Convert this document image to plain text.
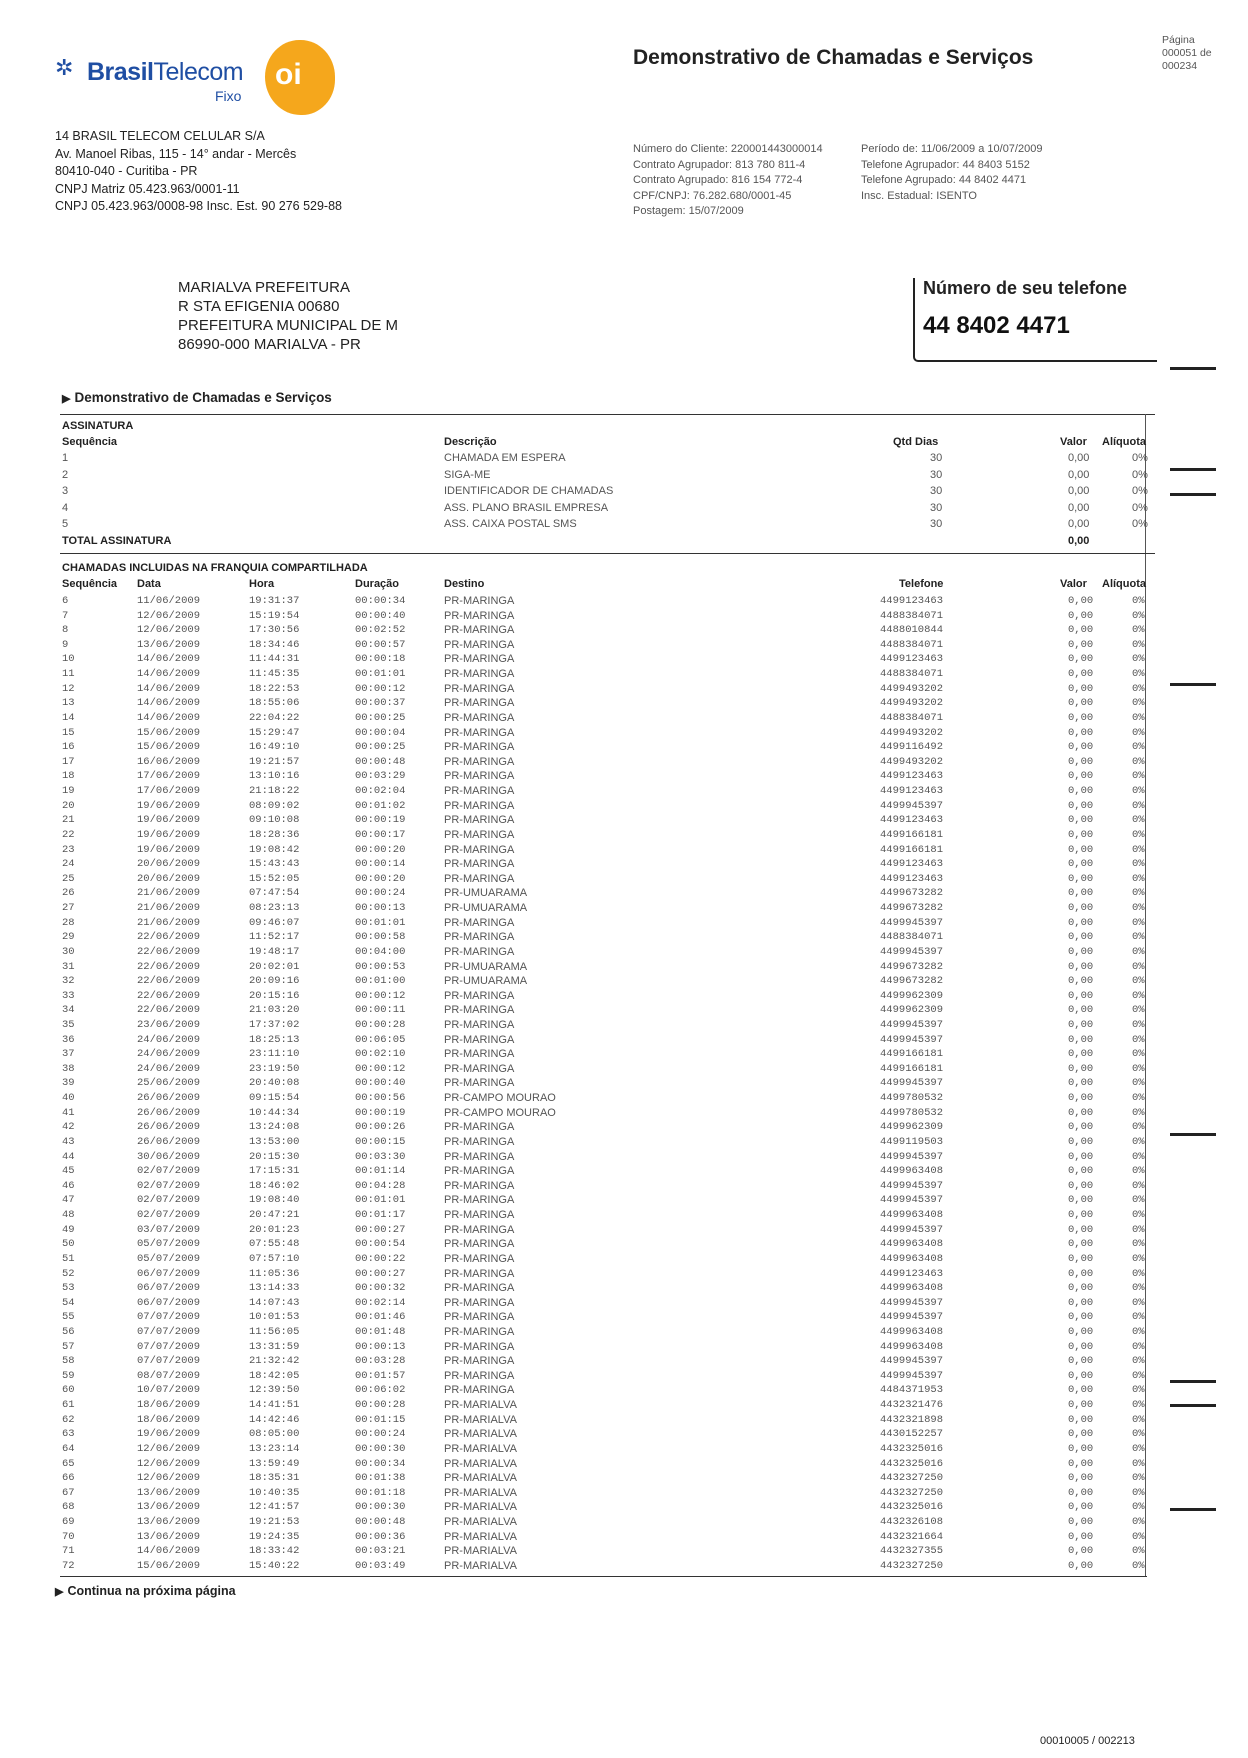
✲ BrasilTelecom
Fixo
oi
14 BRASIL TELECOM CELULAR S/A
Av. Manoel Ribas, 115 - 14° andar - Mercês
80410-040 - Curitiba - PR
CNPJ Matriz 05.423.963/0001-11
CNPJ 05.423.963/0008-98 Insc. Est. 90 276 529-88
Demonstrativo de Chamadas e Serviços
Página
000051 de
000234
Número do Cliente: 220001443000014
Contrato Agrupador: 813 780 811-4
Contrato Agrupado: 816 154 772-4
CPF/CNPJ: 76.282.680/0001-45
Postagem: 15/07/2009
Período de: 11/06/2009 a 10/07/2009
Telefone Agrupador: 44 8403 5152
Telefone Agrupado: 44 8402 4471
Insc. Estadual: ISENTO
MARIALVA PREFEITURA
R STA EFIGENIA 00680
PREFEITURA MUNICIPAL DE M
86990-000 MARIALVA - PR
Número de seu telefone
44 8402 4471
▶ Demonstrativo de Chamadas e Serviços
ASSINATURA
Sequência	Descrição	Qtd Dias	Valor Alíquota
1	CHAMADA EM ESPERA	30	0,00	0%
2	SIGA-ME	30	0,00	0%
3	IDENTIFICADOR DE CHAMADAS	30	0,00	0%
4	ASS. PLANO BRASIL EMPRESA	30	0,00	0%
5	ASS. CAIXA POSTAL SMS	30	0,00	0%
TOTAL ASSINATURA	0,00
CHAMADAS INCLUIDAS NA FRANQUIA COMPARTILHADA
Sequência Data	Hora	Duração	Destino	Telefone	Valor Alíquota
6	11/06/2009	19:31:37	00:00:34	PR-MARINGA	4499123463	0,00	0%
7	12/06/2009	15:19:54	00:00:40	PR-MARINGA	4488384071	0,00	0%
8	12/06/2009	17:30:56	00:02:52	PR-MARINGA	4488010844	0,00	0%
9	13/06/2009	18:34:46	00:00:57	PR-MARINGA	4488384071	0,00	0%
10	14/06/2009	11:44:31	00:00:18	PR-MARINGA	4499123463	0,00	0%
11	14/06/2009	11:45:35	00:01:01	PR-MARINGA	4488384071	0,00	0%
12	14/06/2009	18:22:53	00:00:12	PR-MARINGA	4499493202	0,00	0%
13	14/06/2009	18:55:06	00:00:37	PR-MARINGA	4499493202	0,00	0%
14	14/06/2009	22:04:22	00:00:25	PR-MARINGA	4488384071	0,00	0%
15	15/06/2009	15:29:47	00:00:04	PR-MARINGA	4499493202	0,00	0%
16	15/06/2009	16:49:10	00:00:25	PR-MARINGA	4499116492	0,00	0%
17	16/06/2009	19:21:57	00:00:48	PR-MARINGA	4499493202	0,00	0%
18	17/06/2009	13:10:16	00:03:29	PR-MARINGA	4499123463	0,00	0%
19	17/06/2009	21:18:22	00:02:04	PR-MARINGA	4499123463	0,00	0%
20	19/06/2009	08:09:02	00:01:02	PR-MARINGA	4499945397	0,00	0%
21	19/06/2009	09:10:08	00:00:19	PR-MARINGA	4499123463	0,00	0%
22	19/06/2009	18:28:36	00:00:17	PR-MARINGA	4499166181	0,00	0%
23	19/06/2009	19:08:42	00:00:20	PR-MARINGA	4499166181	0,00	0%
24	20/06/2009	15:43:43	00:00:14	PR-MARINGA	4499123463	0,00	0%
25	20/06/2009	15:52:05	00:00:20	PR-MARINGA	4499123463	0,00	0%
26	21/06/2009	07:47:54	00:00:24	PR-UMUARAMA	4499673282	0,00	0%
27	21/06/2009	08:23:13	00:00:13	PR-UMUARAMA	4499673282	0,00	0%
28	21/06/2009	09:46:07	00:01:01	PR-MARINGA	4499945397	0,00	0%
29	22/06/2009	11:52:17	00:00:58	PR-MARINGA	4488384071	0,00	0%
30	22/06/2009	19:48:17	00:04:00	PR-MARINGA	4499945397	0,00	0%
31	22/06/2009	20:02:01	00:00:53	PR-UMUARAMA	4499673282	0,00	0%
32	22/06/2009	20:09:16	00:01:00	PR-UMUARAMA	4499673282	0,00	0%
33	22/06/2009	20:15:16	00:00:12	PR-MARINGA	4499962309	0,00	0%
34	22/06/2009	21:03:20	00:00:11	PR-MARINGA	4499962309	0,00	0%
35	23/06/2009	17:37:02	00:00:28	PR-MARINGA	4499945397	0,00	0%
36	24/06/2009	18:25:13	00:06:05	PR-MARINGA	4499945397	0,00	0%
37	24/06/2009	23:11:10	00:02:10	PR-MARINGA	4499166181	0,00	0%
38	24/06/2009	23:19:50	00:00:12	PR-MARINGA	4499166181	0,00	0%
39	25/06/2009	20:40:08	00:00:40	PR-MARINGA	4499945397	0,00	0%
40	26/06/2009	09:15:54	00:00:56	PR-CAMPO MOURAO	4499780532	0,00	0%
41	26/06/2009	10:44:34	00:00:19	PR-CAMPO MOURAO	4499780532	0,00	0%
42	26/06/2009	13:24:08	00:00:26	PR-MARINGA	4499962309	0,00	0%
43	26/06/2009	13:53:00	00:00:15	PR-MARINGA	4499119503	0,00	0%
44	30/06/2009	20:15:30	00:03:30	PR-MARINGA	4499945397	0,00	0%
45	02/07/2009	17:15:31	00:01:14	PR-MARINGA	4499963408	0,00	0%
46	02/07/2009	18:46:02	00:04:28	PR-MARINGA	4499945397	0,00	0%
47	02/07/2009	19:08:40	00:01:01	PR-MARINGA	4499945397	0,00	0%
48	02/07/2009	20:47:21	00:01:17	PR-MARINGA	4499963408	0,00	0%
49	03/07/2009	20:01:23	00:00:27	PR-MARINGA	4499945397	0,00	0%
50	05/07/2009	07:55:48	00:00:54	PR-MARINGA	4499963408	0,00	0%
51	05/07/2009	07:57:10	00:00:22	PR-MARINGA	4499963408	0,00	0%
52	06/07/2009	11:05:36	00:00:27	PR-MARINGA	4499123463	0,00	0%
53	06/07/2009	13:14:33	00:00:32	PR-MARINGA	4499963408	0,00	0%
54	06/07/2009	14:07:43	00:02:14	PR-MARINGA	4499945397	0,00	0%
55	07/07/2009	10:01:53	00:01:46	PR-MARINGA	4499945397	0,00	0%
56	07/07/2009	11:56:05	00:01:48	PR-MARINGA	4499963408	0,00	0%
57	07/07/2009	13:31:59	00:00:13	PR-MARINGA	4499963408	0,00	0%
58	07/07/2009	21:32:42	00:03:28	PR-MARINGA	4499945397	0,00	0%
59	08/07/2009	18:42:05	00:01:57	PR-MARINGA	4499945397	0,00	0%
60	10/07/2009	12:39:50	00:06:02	PR-MARINGA	4484371953	0,00	0%
61	18/06/2009	14:41:51	00:00:28	PR-MARIALVA	4432321476	0,00	0%
62	18/06/2009	14:42:46	00:01:15	PR-MARIALVA	4432321898	0,00	0%
63	19/06/2009	08:05:00	00:00:24	PR-MARIALVA	4430152257	0,00	0%
64	12/06/2009	13:23:14	00:00:30	PR-MARIALVA	4432325016	0,00	0%
65	12/06/2009	13:59:49	00:00:34	PR-MARIALVA	4432325016	0,00	0%
66	12/06/2009	18:35:31	00:01:38	PR-MARIALVA	4432327250	0,00	0%
67	13/06/2009	10:40:35	00:01:18	PR-MARIALVA	4432327250	0,00	0%
68	13/06/2009	12:41:57	00:00:30	PR-MARIALVA	4432325016	0,00	0%
69	13/06/2009	19:21:53	00:00:48	PR-MARIALVA	4432326108	0,00	0%
70	13/06/2009	19:24:35	00:00:36	PR-MARIALVA	4432321664	0,00	0%
71	14/06/2009	18:33:42	00:03:21	PR-MARIALVA	4432327355	0,00	0%
72	15/06/2009	15:40:22	00:03:49	PR-MARIALVA	4432327250	0,00	0%
▶ Continua na próxima página
00010005 / 002213
